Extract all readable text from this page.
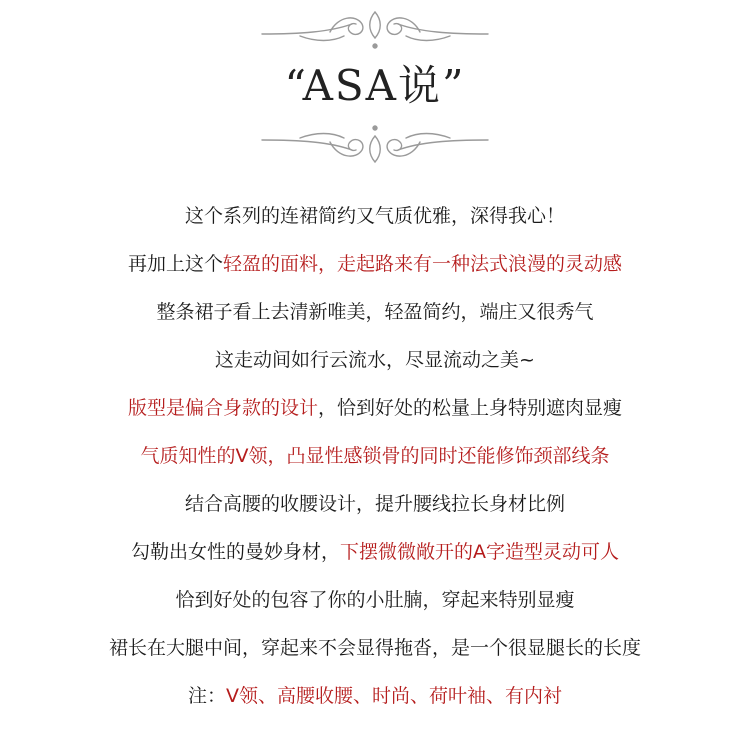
“ASA说”
这个系列的连裙简约又气质优雅，深得我心！
再加上这个轻盈的面料，走起路来有一种法式浪漫的灵动感
整条裙子看上去清新唯美，轻盈简约，端庄又很秀气
这走动间如行云流水，尽显流动之美~
版型是偏合身款的设计，恰到好处的松量上身特别遮肉显瘦
气质知性的V领，凸显性感锁骨的同时还能修饰颈部线条
结合高腰的收腰设计，提升腰线拉长身材比例
勾勒出女性的曼妙身材，下摆微微敞开的A字造型灵动可人
恰到好处的包容了你的小肚腩，穿起来特别显瘦
裙长在大腿中间，穿起来不会显得拖沓，是一个很显腿长的长度
注：V领、高腰收腰、时尚、荷叶袖、有内衬
